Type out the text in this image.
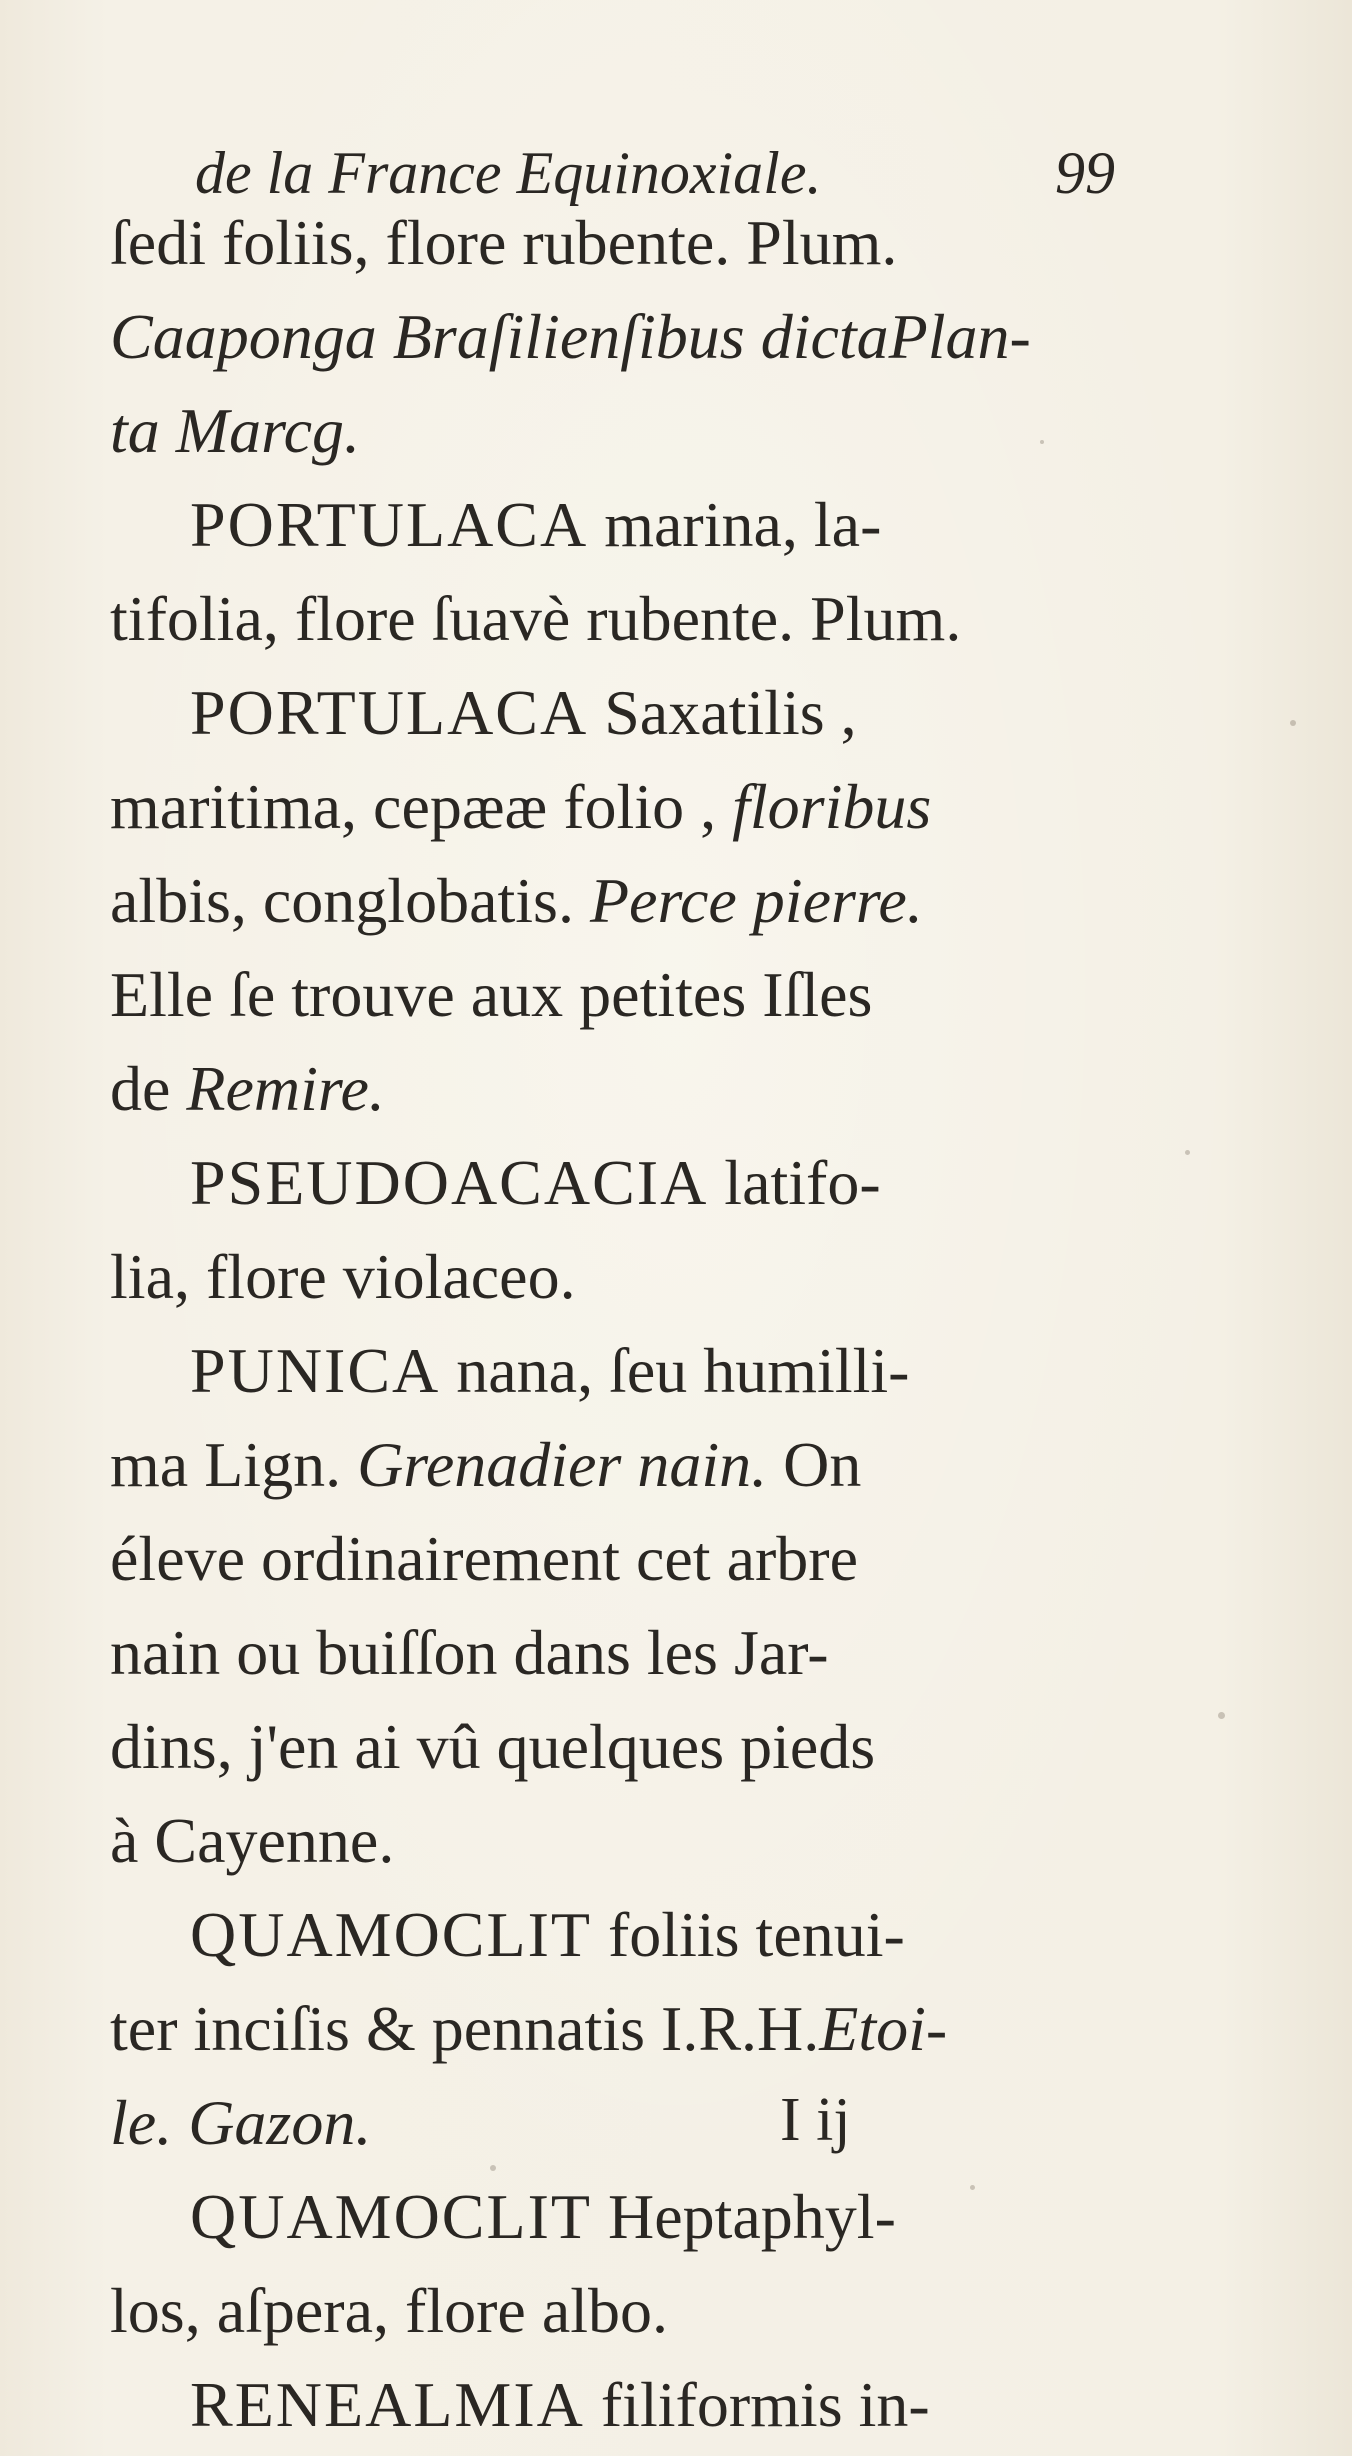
de la France Equinoxiale.	99
ſedi foliis, flore rubente. Plum.
Caaponga Braſilienſibus dictaPlan-
ta Marcg.
PORTULACA marina, la-
tifolia, flore ſuavè rubente. Plum.
PORTULACA Saxatilis ,
maritima, cepææ folio , floribus
albis, conglobatis. Perce pierre.
Elle ſe trouve aux petites Iſles
de Remire.
PSEUDOACACIA latifo-
lia, flore violaceo.
PUNICA nana, ſeu humilli-
ma Lign. Grenadier nain. On
éleve ordinairement cet arbre
nain ou buiſſon dans les Jar-
dins, j'en ai vû quelques pieds
à Cayenne.
QUAMOCLIT foliis tenui-
ter inciſis & pennatis I.R.H.Etoi-
le. Gazon.
QUAMOCLIT Heptaphyl-
los, aſpera, flore albo.
RENEALMIA filiformis in-
I ij
